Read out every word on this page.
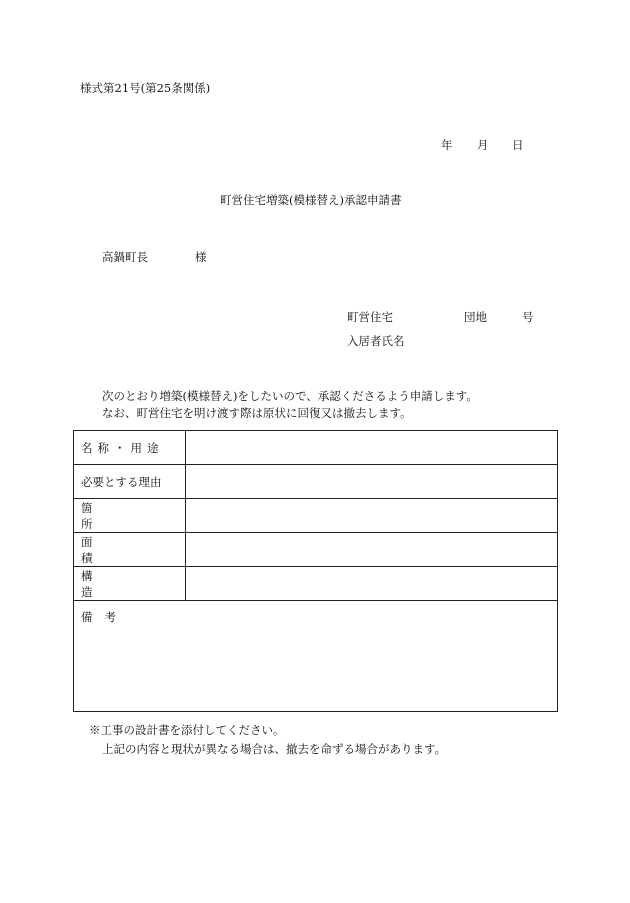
様式第21号(第25条関係)
年 月 日
町営住宅増築(模様替え)承認申請書
高鍋町長	様
町営住宅	団地	号
入居者氏名
次のとおり増築(模様替え)をしたいので、承認くださるよう申請します。
なお、町営住宅を明け渡す際は原状に回復又は撤去します。
名称・用途	

必要とする理由	

箇所	

面積	

構造	

備考	
※工事の設計書を添付してください。
上記の内容と現状が異なる場合は、撤去を命ずる場合があります。
